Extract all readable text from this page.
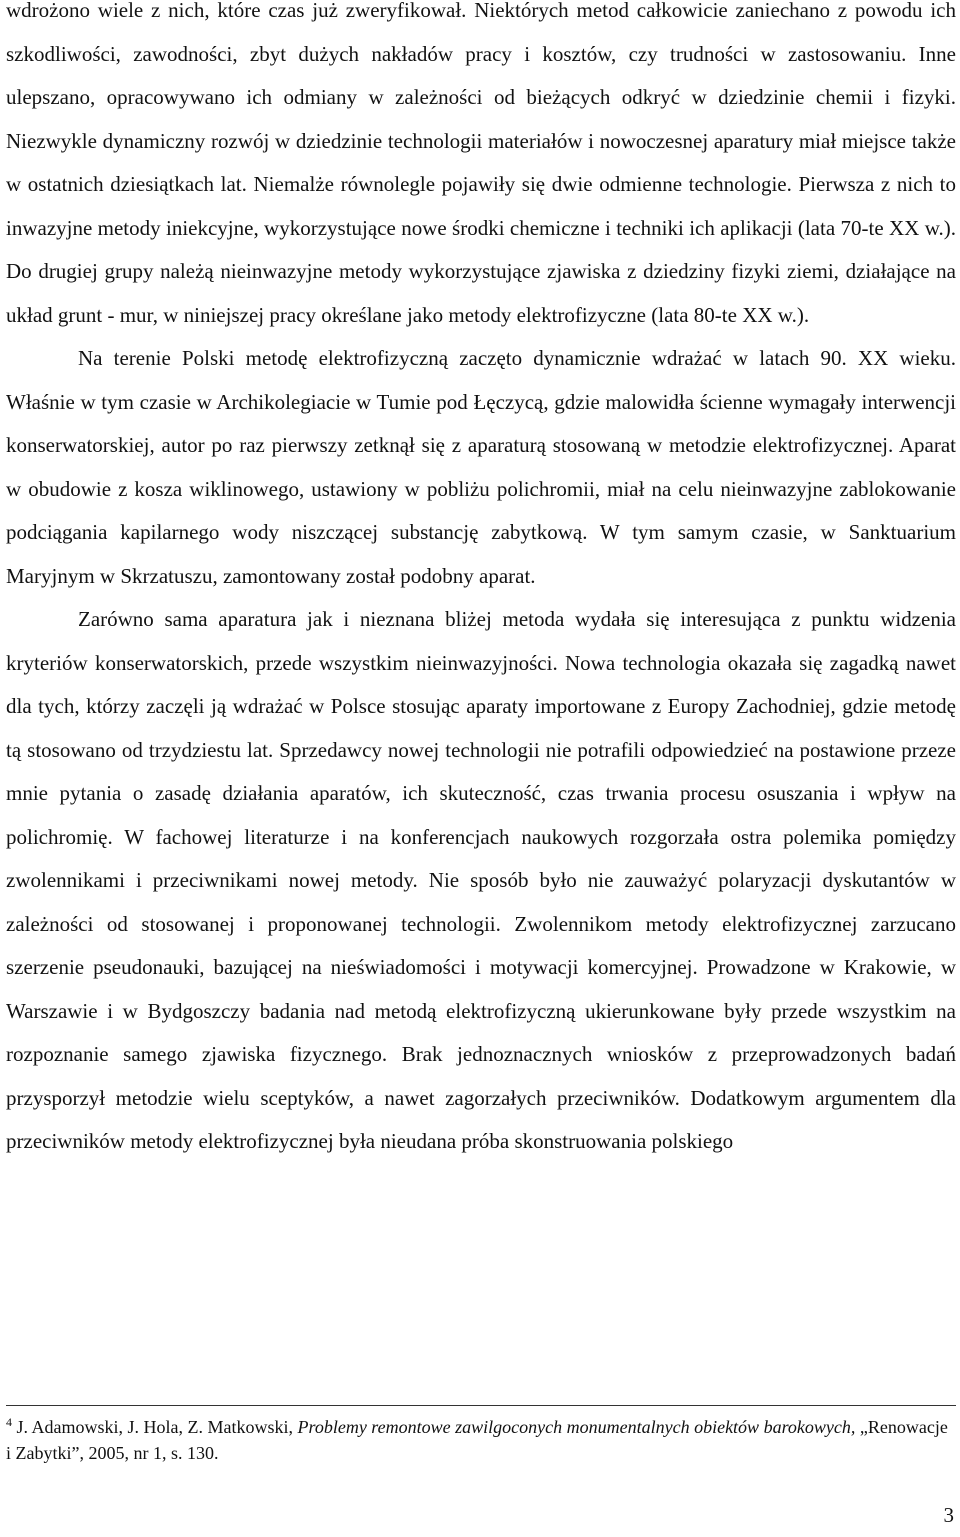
wdrożono wiele z nich, które czas już zweryfikował. Niektórych metod całkowicie zaniechano z powodu ich szkodliwości, zawodności, zbyt dużych nakładów pracy i kosztów, czy trudności w zastosowaniu. Inne ulepszano, opracowywano ich odmiany w zależności od bieżących odkryć w dziedzinie chemii i fizyki. Niezwykle dynamiczny rozwój w dziedzinie technologii materiałów i nowoczesnej aparatury miał miejsce także w ostatnich dziesiątkach lat. Niemalże równolegle pojawiły się dwie odmienne technologie. Pierwsza z nich to inwazyjne metody iniekcyjne, wykorzystujące nowe środki chemiczne i techniki ich aplikacji (lata 70-te XX w.). Do drugiej grupy należą nieinwazyjne metody wykorzystujące zjawiska z dziedziny fizyki ziemi, działające na układ grunt - mur, w niniejszej pracy określane jako metody elektrofizyczne (lata 80-te XX w.).

Na terenie Polski metodę elektrofizyczną zaczęto dynamicznie wdrażać w latach 90. XX wieku. Właśnie w tym czasie w Archikolegiacie w Tumie pod Łęczycą, gdzie malowidła ścienne wymagały interwencji konserwatorskiej, autor po raz pierwszy zetknął się z aparaturą stosowaną w metodzie elektrofizycznej. Aparat w obudowie z kosza wiklinowego, ustawiony w pobliżu polichromii, miał na celu nieinwazyjne zablokowanie podciągania kapilarnego wody niszczącej substancję zabytkową. W tym samym czasie, w Sanktuarium Maryjnym w Skrzatuszu, zamontowany został podobny aparat.

Zarówno sama aparatura jak i nieznana bliżej metoda wydała się interesująca z punktu widzenia kryteriów konserwatorskich, przede wszystkim nieinwazyjności. Nowa technologia okazała się zagadką nawet dla tych, którzy zaczęli ją wdrażać w Polsce stosując aparaty importowane z Europy Zachodniej, gdzie metodę tą stosowano od trzydziestu lat. Sprzedawcy nowej technologii nie potrafili odpowiedzieć na postawione przeze mnie pytania o zasadę działania aparatów, ich skuteczność, czas trwania procesu osuszania i wpływ na polichromię. W fachowej literaturze i na konferencjach naukowych rozgorzała ostra polemika pomiędzy zwolennikami i przeciwnikami nowej metody. Nie sposób było nie zauważyć polaryzacji dyskutantów w zależności od stosowanej i proponowanej technologii. Zwolennikom metody elektrofizycznej zarzucano szerzenie pseudonauki, bazującej na nieświadomości i motywacji komercyjnej. Prowadzone w Krakowie, w Warszawie i w Bydgoszczy badania nad metodą elektrofizyczną ukierunkowane były przede wszystkim na rozpoznanie samego zjawiska fizycznego. Brak jednoznacznych wniosków z przeprowadzonych badań przysporzył metodzie wielu sceptyków, a nawet zagorzałych przeciwników. Dodatkowym argumentem dla przeciwników metody elektrofizycznej była nieudana próba skonstruowania polskiego

$^4$ J. Adamowski, J. Hola, Z. Matkowski, Problemy remontowe zawilgoconych monumentalnych obiektów barokowych, „Renowacje i Zabytki”, 2005, nr 1, s. 130.

3
